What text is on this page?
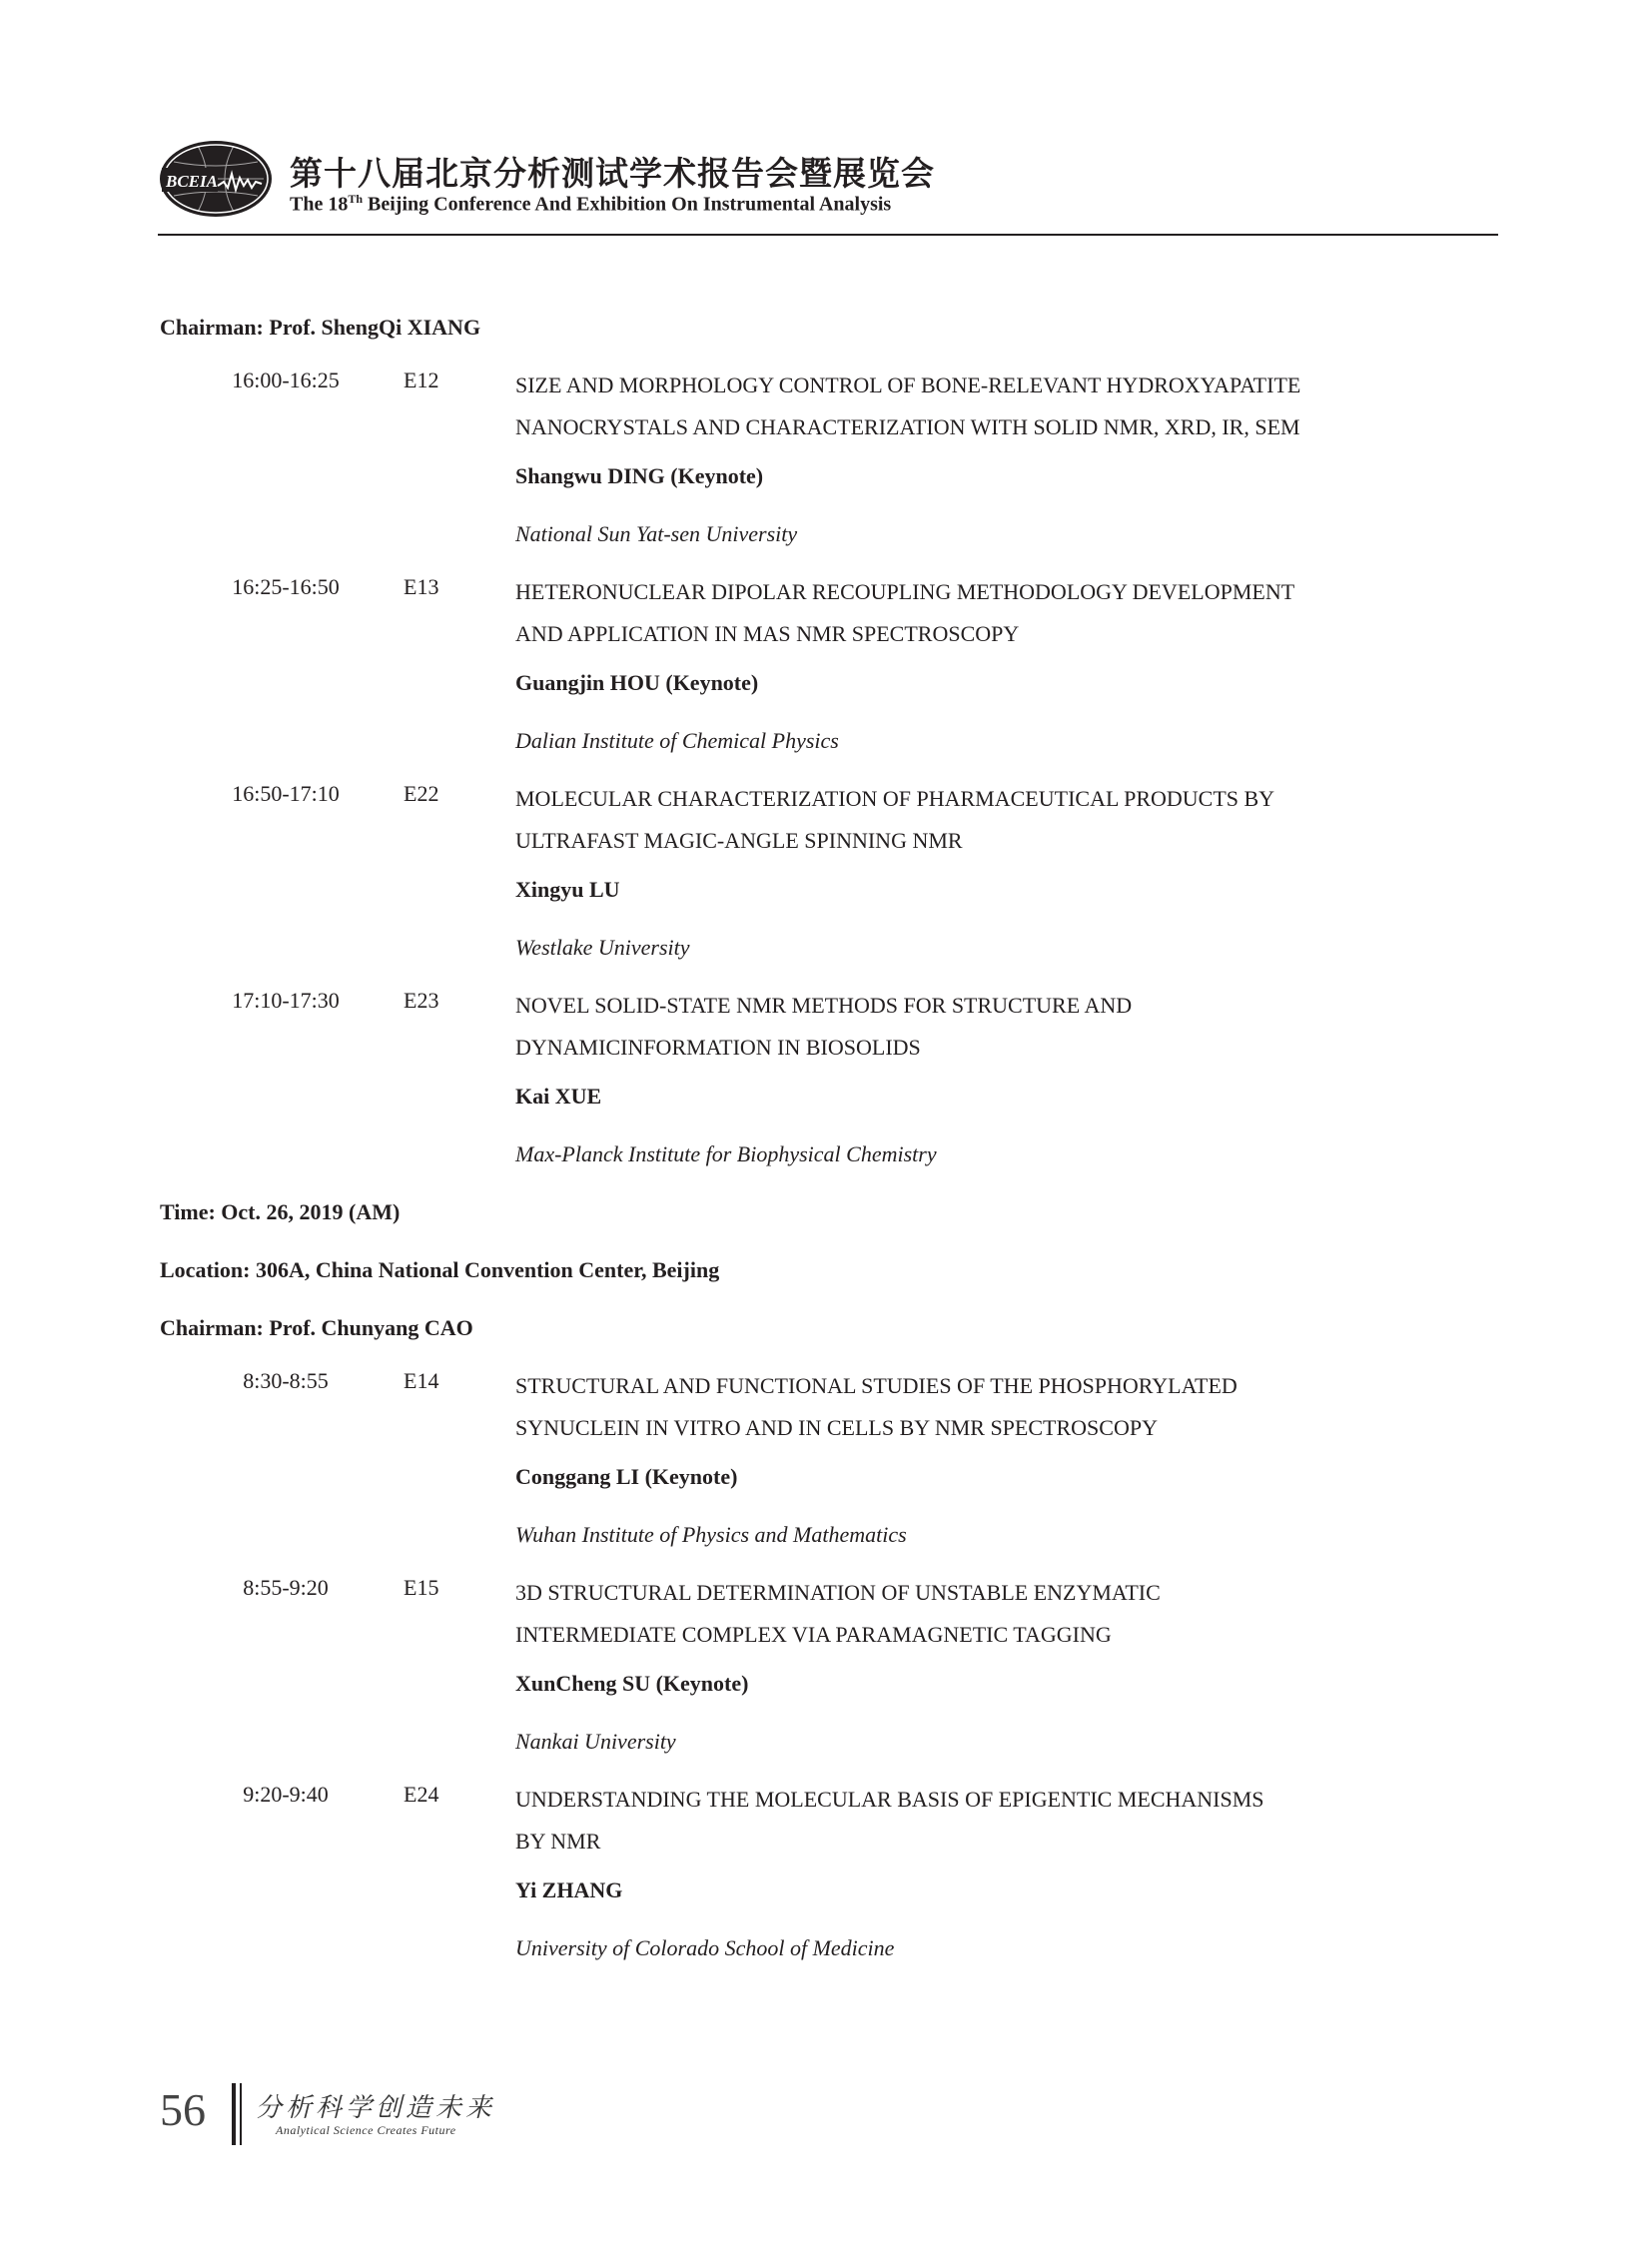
BCEIA 第十八届北京分析测试学术报告会暨展览会
The 18Th Beijing Conference And Exhibition On Instrumental Analysis
Chairman: Prof. ShengQi XIANG
16:00-16:25	E12	SIZE AND MORPHOLOGY CONTROL OF BONE-RELEVANT HYDROXYAPATITE
NANOCRYSTALS AND CHARACTERIZATION WITH SOLID NMR, XRD, IR, SEM
Shangwu DING (Keynote)
National Sun Yat-sen University
16:25-16:50	E13	HETERONUCLEAR DIPOLAR RECOUPLING METHODOLOGY DEVELOPMENT
AND APPLICATION IN MAS NMR SPECTROSCOPY
Guangjin HOU (Keynote)
Dalian Institute of Chemical Physics
16:50-17:10	E22	MOLECULAR CHARACTERIZATION OF PHARMACEUTICAL PRODUCTS BY
ULTRAFAST MAGIC-ANGLE SPINNING NMR
Xingyu LU
Westlake University
17:10-17:30	E23	NOVEL SOLID-STATE NMR METHODS FOR STRUCTURE AND
DYNAMICINFORMATION IN BIOSOLIDS
Kai XUE
Max-Planck Institute for Biophysical Chemistry
Time: Oct. 26, 2019 (AM)
Location: 306A, China National Convention Center, Beijing
Chairman: Prof. Chunyang CAO
8:30-8:55	E14	STRUCTURAL AND FUNCTIONAL STUDIES OF THE PHOSPHORYLATED
SYNUCLEIN IN VITRO AND IN CELLS BY NMR SPECTROSCOPY
Conggang LI (Keynote)
Wuhan Institute of Physics and Mathematics
8:55-9:20	E15	3D STRUCTURAL DETERMINATION OF UNSTABLE ENZYMATIC
INTERMEDIATE COMPLEX VIA PARAMAGNETIC TAGGING
XunCheng SU (Keynote)
Nankai University
9:20-9:40	E24	UNDERSTANDING THE MOLECULAR BASIS OF EPIGENTIC MECHANISMS
BY NMR
Yi ZHANG
University of Colorado School of Medicine
56 分析科学创造未来
Analytical Science Creates Future
